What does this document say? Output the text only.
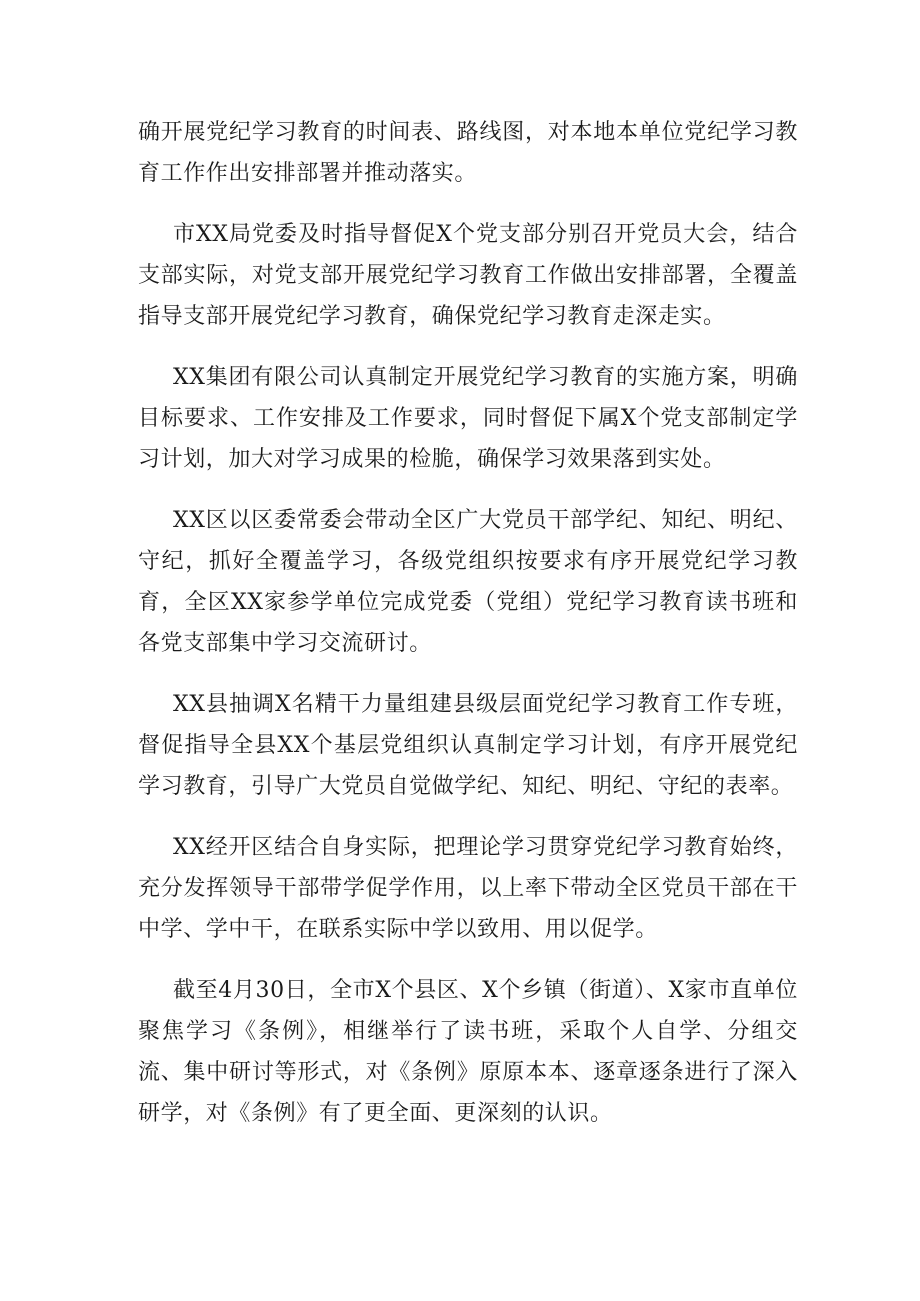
确开展党纪学习教育的时间表、路线图，对本地本单位党纪学习教育工作作出安排部署并推动落实。

市XX局党委及时指导督促X个党支部分别召开党员大会，结合支部实际，对党支部开展党纪学习教育工作做出安排部署，全覆盖指导支部开展党纪学习教育，确保党纪学习教育走深走实。

XX集团有限公司认真制定开展党纪学习教育的实施方案，明确目标要求、工作安排及工作要求，同时督促下属X个党支部制定学习计划，加大对学习成果的检脆，确保学习效果落到实处。

XX区以区委常委会带动全区广大党员干部学纪、知纪、明纪、守纪，抓好全覆盖学习，各级党组织按要求有序开展党纪学习教育，全区XX家参学单位完成党委（党组）党纪学习教育读书班和各党支部集中学习交流研讨。

XX县抽调X名精干力量组建县级层面党纪学习教育工作专班，督促指导全县XX个基层党组织认真制定学习计划，有序开展党纪学习教育，引导广大党员自觉做学纪、知纪、明纪、守纪的表率。

XX经开区结合自身实际，把理论学习贯穿党纪学习教育始终，充分发挥领导干部带学促学作用，以上率下带动全区党员干部在干中学、学中干，在联系实际中学以致用、用以促学。

截至4月30日，全市X个县区、X个乡镇（街道）、X家市直单位聚焦学习《条例》，相继举行了读书班，采取个人自学、分组交流、集中研讨等形式，对《条例》原原本本、逐章逐条进行了深入研学，对《条例》有了更全面、更深刻的认识。
